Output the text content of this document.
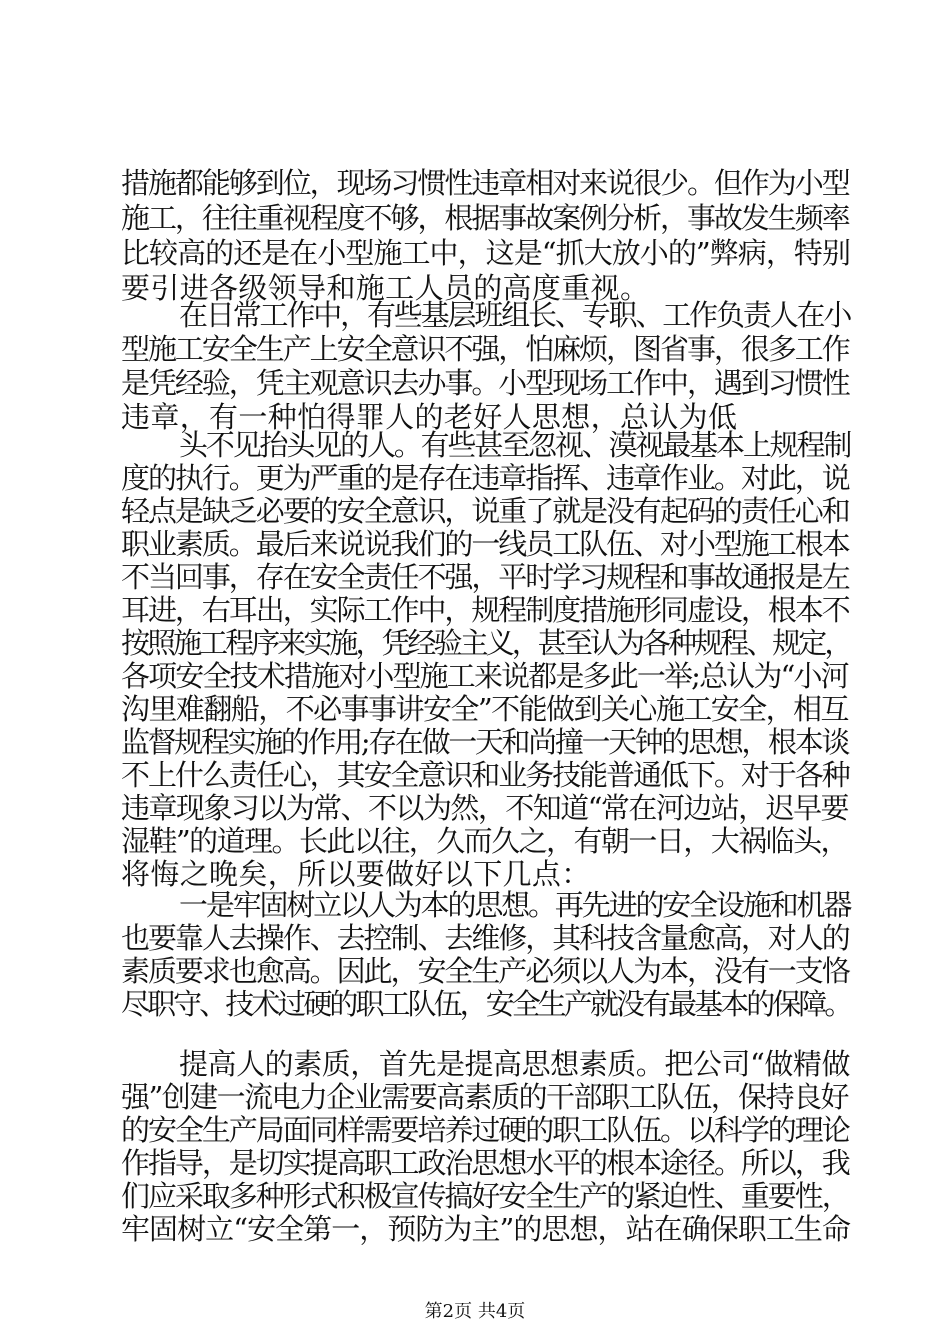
措施都能够到位，现场习惯性违章相对来说很少。但作为小型
施工，往往重视程度不够，根据事故案例分析，事故发生频率
比较高的还是在小型施工中，这是“抓大放小的”弊病，特别
要引进各级领导和施工人员的高度重视。
在日常工作中，有些基层班组长、专职、工作负责人在小
型施工安全生产上安全意识不强，怕麻烦，图省事，很多工作
是凭经验，凭主观意识去办事。小型现场工作中，遇到习惯性
违章，有一种怕得罪人的老好人思想，总认为低
头不见抬头见的人。有些甚至忽视、漠视最基本上规程制
度的执行。更为严重的是存在违章指挥、违章作业。对此，说
轻点是缺乏必要的安全意识，说重了就是没有起码的责任心和
职业素质。最后来说说我们的一线员工队伍、对小型施工根本
不当回事，存在安全责任不强，平时学习规程和事故通报是左
耳进，右耳出，实际工作中，规程制度措施形同虚设，根本不
按照施工程序来实施，凭经验主义，甚至认为各种规程、规定，
各项安全技术措施对小型施工来说都是多此一举;总认为“小河
沟里难翻船，不必事事讲安全”不能做到关心施工安全，相互
监督规程实施的作用;存在做一天和尚撞一天钟的思想，根本谈
不上什么责任心，其安全意识和业务技能普通低下。对于各种
违章现象习以为常、不以为然，不知道“常在河边站，迟早要
湿鞋”的道理。长此以往，久而久之，有朝一日，大祸临头，
将悔之晚矣，所以要做好以下几点：
一是牢固树立以人为本的思想。再先进的安全设施和机器
也要靠人去操作、去控制、去维修，其科技含量愈高，对人的
素质要求也愈高。因此，安全生产必须以人为本，没有一支恪
尽职守、技术过硬的职工队伍，安全生产就没有最基本的保障。
提高人的素质，首先是提高思想素质。把公司“做精做
强”创建一流电力企业需要高素质的干部职工队伍，保持良好
的安全生产局面同样需要培养过硬的职工队伍。以科学的理论
作指导，是切实提高职工政治思想水平的根本途径。所以，我
们应采取多种形式积极宣传搞好安全生产的紧迫性、重要性，
牢固树立“安全第一，预防为主”的思想，站在确保职工生命
第2页 共4页
